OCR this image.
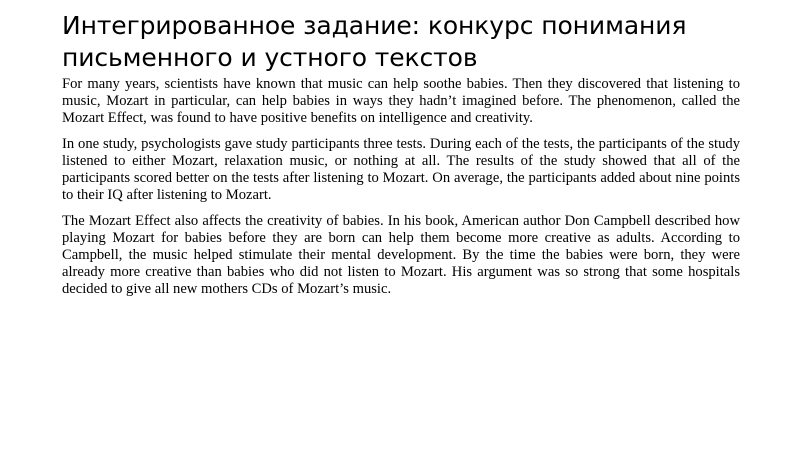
Интегрированное задание: конкурс понимания письменного и устного текстов

For many years, scientists have known that music can help soothe babies. Then they discovered that listening to music, Mozart in particular, can help babies in ways they hadn’t imagined before. The phenomenon, called the Mozart Effect, was found to have positive benefits on intelligence and creativity.

In one study, psychologists gave study participants three tests. During each of the tests, the participants of the study listened to either Mozart, relaxation music, or nothing at all. The results of the study showed that all of the participants scored better on the tests after listening to Mozart. On average, the participants added about nine points to their IQ after listening to Mozart.

The Mozart Effect also affects the creativity of babies. In his book, American author Don Campbell described how playing Mozart for babies before they are born can help them become more creative as adults. According to Campbell, the music helped stimulate their mental development. By the time the babies were born, they were already more creative than babies who did not listen to Mozart. His argument was so strong that some hospitals decided to give all new mothers CDs of Mozart’s music.
